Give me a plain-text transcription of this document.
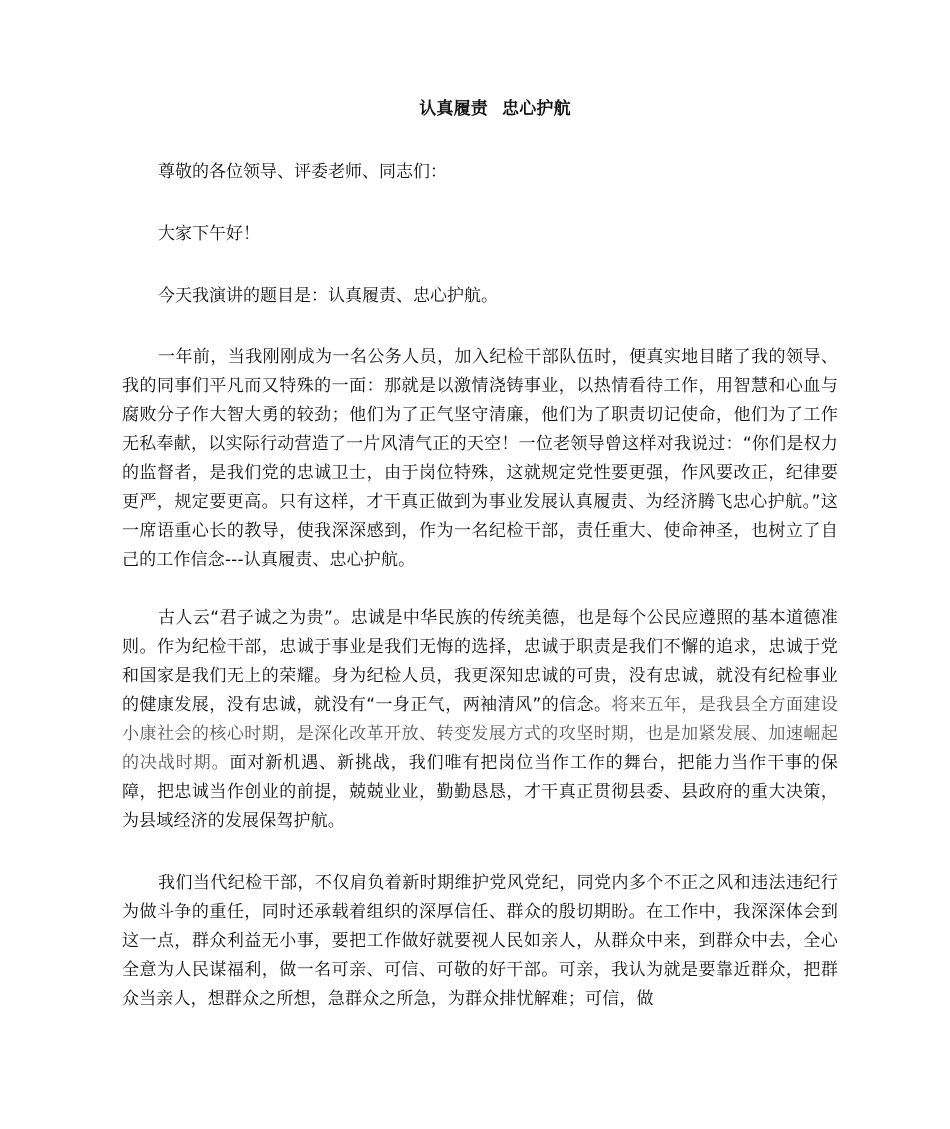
认真履责 忠心护航
尊敬的各位领导、评委老师、同志们：
大家下午好！
今天我演讲的题目是：认真履责、忠心护航。
一年前，当我刚刚成为一名公务人员，加入纪检干部队伍时，便真实地目睹了我的领导、我的同事们平凡而又特殊的一面：那就是以激情浇铸事业，以热情看待工作，用智慧和心血与腐败分子作大智大勇的较劲；他们为了正气坚守清廉，他们为了职责切记使命，他们为了工作无私奉献，以实际行动营造了一片风清气正的天空！一位老领导曾这样对我说过：“你们是权力的监督者，是我们党的忠诚卫士，由于岗位特殊，这就规定党性要更强，作风要改正，纪律要更严，规定要更高。只有这样，才干真正做到为事业发展认真履责、为经济腾飞忠心护航。”这一席语重心长的教导，使我深深感到，作为一名纪检干部，责任重大、使命神圣，也树立了自己的工作信念---认真履责、忠心护航。
古人云“君子诚之为贵”。忠诚是中华民族的传统美德，也是每个公民应遵照的基本道德准则。作为纪检干部，忠诚于事业是我们无悔的选择，忠诚于职责是我们不懈的追求，忠诚于党和国家是我们无上的荣耀。身为纪检人员，我更深知忠诚的可贵，没有忠诚，就没有纪检事业的健康发展，没有忠诚，就没有“一身正气，两袖清风”的信念。将来五年，是我县全方面建设小康社会的核心时期，是深化改革开放、转变发展方式的攻坚时期，也是加紧发展、加速崛起的决战时期。面对新机遇、新挑战，我们唯有把岗位当作工作的舞台，把能力当作干事的保障，把忠诚当作创业的前提，兢兢业业，勤勤恳恳，才干真正贯彻县委、县政府的重大决策，为县域经济的发展保驾护航。
我们当代纪检干部，不仅肩负着新时期维护党风党纪，同党内多个不正之风和违法违纪行为做斗争的重任，同时还承载着组织的深厚信任、群众的殷切期盼。在工作中，我深深体会到这一点，群众利益无小事，要把工作做好就要视人民如亲人，从群众中来，到群众中去，全心全意为人民谋福利，做一名可亲、可信、可敬的好干部。可亲，我认为就是要靠近群众，把群众当亲人，想群众之所想，急群众之所急，为群众排忧解难；可信，做
